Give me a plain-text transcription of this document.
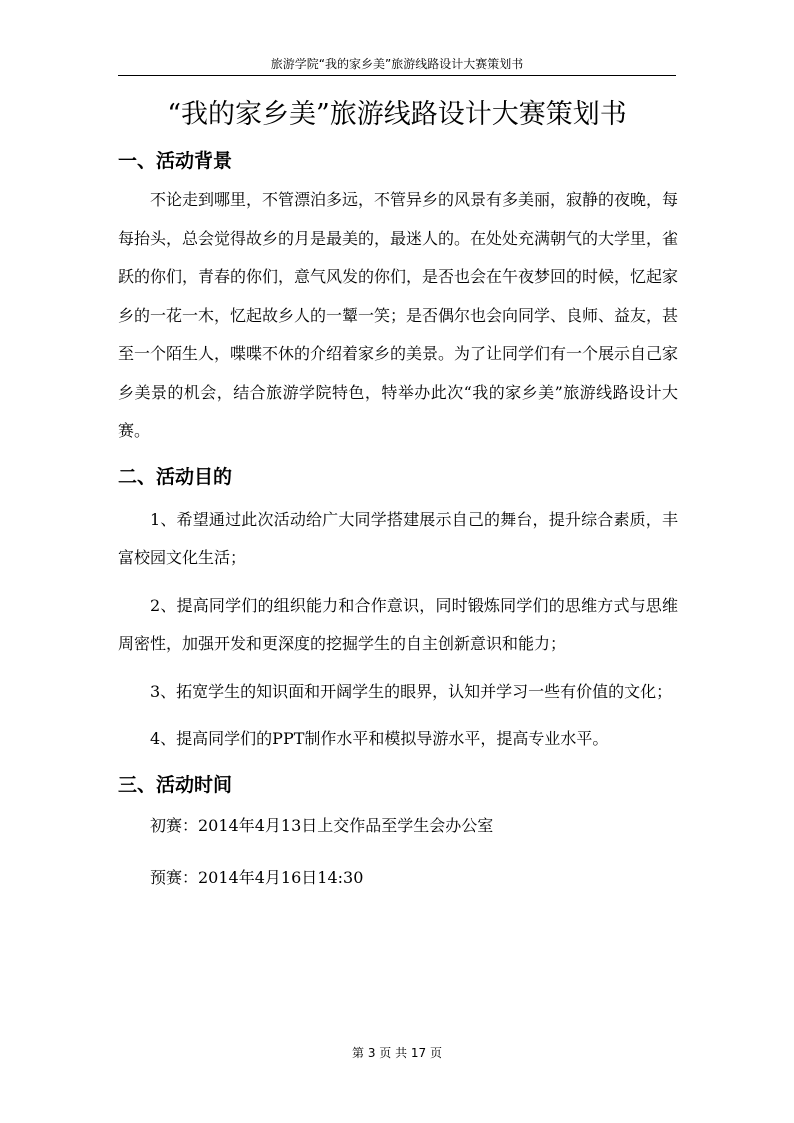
旅游学院“我的家乡美”旅游线路设计大赛策划书
“我的家乡美”旅游线路设计大赛策划书
一、活动背景

不论走到哪里，不管漂泊多远，不管异乡的风景有多美丽，寂静的夜晚，每每抬头，总会觉得故乡的月是最美的，最迷人的。在处处充满朝气的大学里，雀跃的你们，青春的你们，意气风发的你们，是否也会在午夜梦回的时候，忆起家乡的一花一木，忆起故乡人的一颦一笑；是否偶尔也会向同学、良师、益友，甚至一个陌生人，喋喋不休的介绍着家乡的美景。为了让同学们有一个展示自己家乡美景的机会，结合旅游学院特色，特举办此次“我的家乡美”旅游线路设计大赛。

二、活动目的

1、希望通过此次活动给广大同学搭建展示自己的舞台，提升综合素质，丰富校园文化生活；

2、提高同学们的组织能力和合作意识，同时锻炼同学们的思维方式与思维周密性，加强开发和更深度的挖掘学生的自主创新意识和能力；

3、拓宽学生的知识面和开阔学生的眼界，认知并学习一些有价值的文化；

4、提高同学们的PPT制作水平和模拟导游水平，提高专业水平。

三、活动时间

初赛：2014年4月13日上交作品至学生会办公室

预赛：2014年4月16日14:30

第 3 页 共 17 页
